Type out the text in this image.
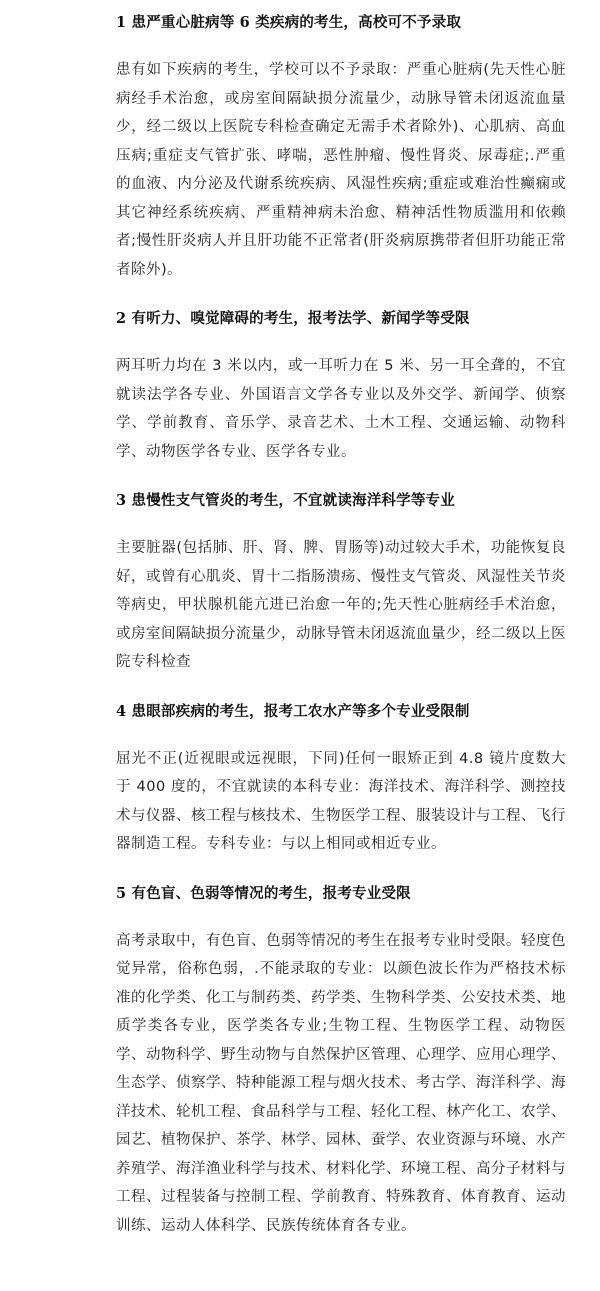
1 患严重心脏病等 6 类疾病的考生，高校可不予录取

患有如下疾病的考生，学校可以不予录取：严重心脏病(先天性心脏病经手术治愈，或房室间隔缺损分流量少，动脉导管未闭返流血量少，经二级以上医院专科检查确定无需手术者除外)、心肌病、高血压病;重症支气管扩张、哮喘，恶性肿瘤、慢性肾炎、尿毒症;.严重的血液、内分泌及代谢系统疾病、风湿性疾病;重症或难治性癫痫或其它神经系统疾病、严重精神病未治愈、精神活性物质滥用和依赖者;慢性肝炎病人并且肝功能不正常者(肝炎病原携带者但肝功能正常者除外)。

2 有听力、嗅觉障碍的考生，报考法学、新闻学等受限

两耳听力均在 3 米以内，或一耳听力在 5 米、另一耳全聋的，不宜就读法学各专业、外国语言文学各专业以及外交学、新闻学、侦察学、学前教育、音乐学、录音艺术、土木工程、交通运输、动物科学、动物医学各专业、医学各专业。

3 患慢性支气管炎的考生，不宜就读海洋科学等专业

主要脏器(包括肺、肝、肾、脾、胃肠等)动过较大手术，功能恢复良好，或曾有心肌炎、胃十二指肠溃疡、慢性支气管炎、风湿性关节炎等病史，甲状腺机能亢进已治愈一年的;先天性心脏病经手术治愈，或房室间隔缺损分流量少，动脉导管未闭返流血量少，经二级以上医院专科检查

4 患眼部疾病的考生，报考工农水产等多个专业受限制

屈光不正(近视眼或远视眼，下同)任何一眼矫正到 4.8 镜片度数大于 400 度的，不宜就读的本科专业：海洋技术、海洋科学、测控技术与仪器、核工程与核技术、生物医学工程、服装设计与工程、飞行器制造工程。专科专业：与以上相同或相近专业。

5 有色盲、色弱等情况的考生，报考专业受限

高考录取中，有色盲、色弱等情况的考生在报考专业时受限。轻度色觉异常，俗称色弱，.不能录取的专业：以颜色波长作为严格技术标准的化学类、化工与制药类、药学类、生物科学类、公安技术类、地质学类各专业，医学类各专业;生物工程、生物医学工程、动物医学、动物科学、野生动物与自然保护区管理、心理学、应用心理学、生态学、侦察学、特种能源工程与烟火技术、考古学、海洋科学、海洋技术、轮机工程、食品科学与工程、轻化工程、林产化工、农学、园艺、植物保护、茶学、林学、园林、蚕学、农业资源与环境、水产养殖学、海洋渔业科学与技术、材料化学、环境工程、高分子材料与工程、过程装备与控制工程、学前教育、特殊教育、体育教育、运动训练、运动人体科学、民族传统体育各专业。
